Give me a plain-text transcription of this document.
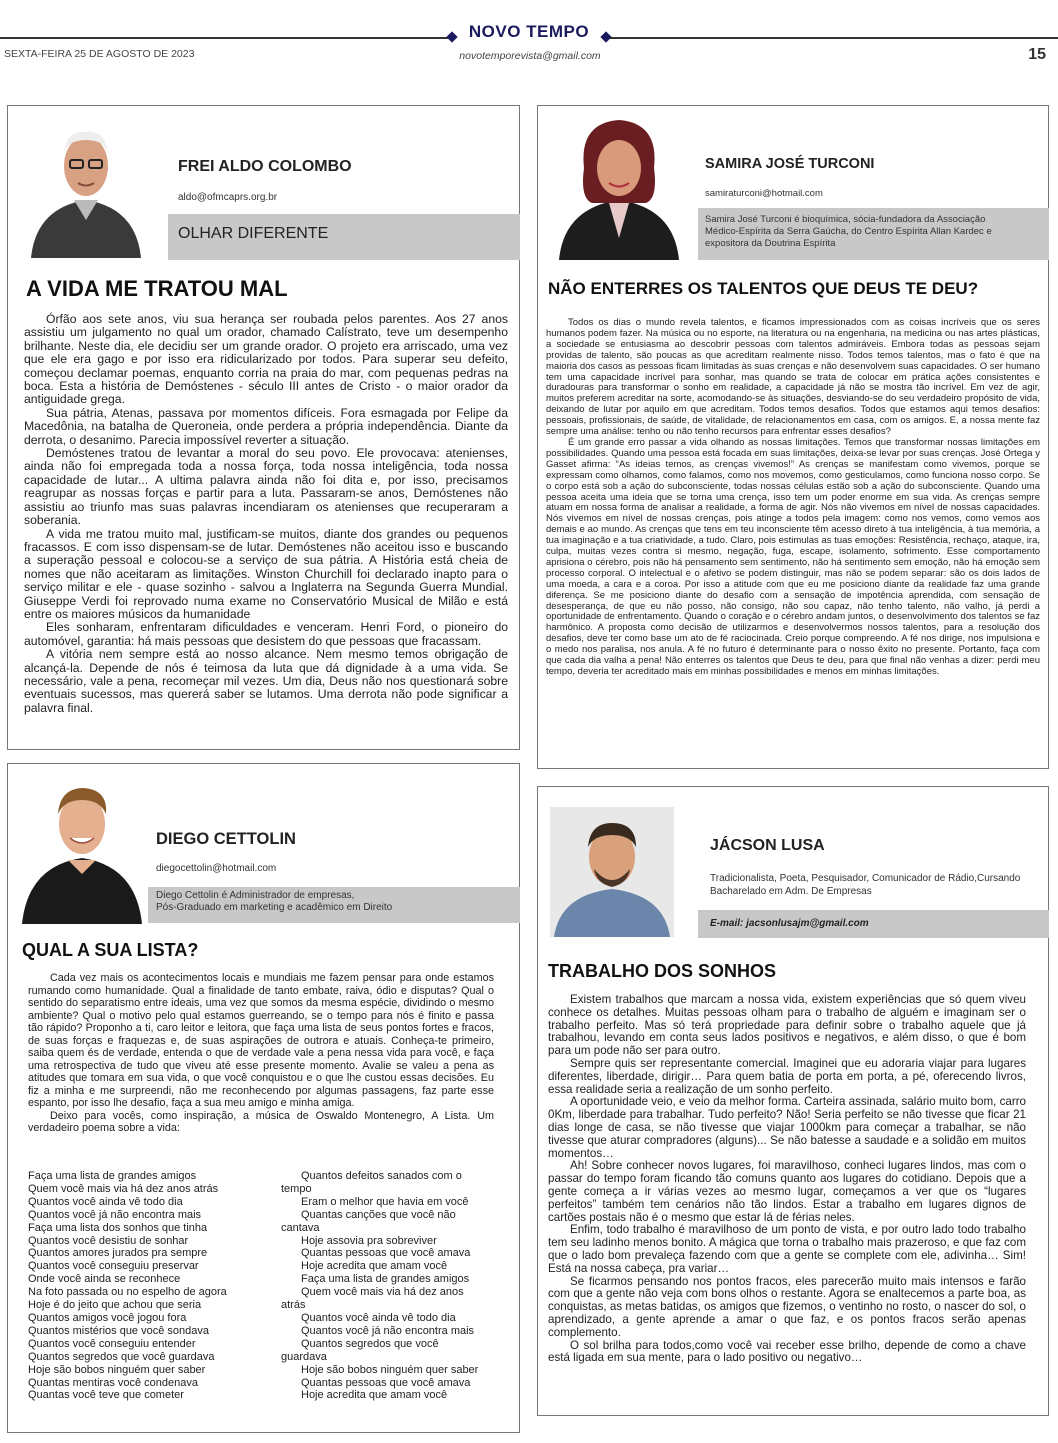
NOVO TEMPO
SEXTA-FEIRA 25 DE AGOSTO DE 2023	novotemporevista@gmail.com	15
FREI ALDO COLOMBO
aldo@ofmcaprs.org.br
OLHAR DIFERENTE
A VIDA ME TRATOU MAL

Órfão aos sete anos, viu sua herança ser roubada pelos parentes. Aos 27 anos assistiu um julgamento no qual um orador, chamado Calístrato, teve um desempenho brilhante. Neste dia, ele decidiu ser um grande orador. O projeto era arriscado, uma vez que ele era gago e por isso era ridicularizado por todos. Para superar seu defeito, começou declamar poemas, enquanto corria na praia do mar, com pequenas pedras na boca. Esta a história de Demóstenes - século III antes de Cristo - o maior orador da antiguidade grega.

Sua pátria, Atenas, passava por momentos difíceis. Fora esmagada por Felipe da Macedônia, na batalha de Queroneia, onde perdera a própria independência. Diante da derrota, o desanimo. Parecia impossível reverter a situação.

Demóstenes tratou de levantar a moral do seu povo. Ele provocava: atenienses, ainda não foi empregada toda a nossa força, toda nossa inteligência, toda nossa capacidade de lutar... A ultima palavra ainda não foi dita e, por isso, precisamos reagrupar as nossas forças e partir para a luta. Passaram-se anos, Demóstenes não assistiu ao triunfo mas suas palavras incendiaram os atenienses que recuperaram a soberania.

A vida me tratou muito mal, justificam-se muitos, diante dos grandes ou pequenos fracassos. E com isso dispensam-se de lutar. Demóstenes não aceitou isso e buscando a superação pessoal e colocou-se a serviço de sua pátria. A História está cheia de nomes que não aceitaram as limitações. Winston Churchill foi declarado inapto para o serviço militar e ele - quase sozinho - salvou a Inglaterra na Segunda Guerra Mundial. Giuseppe Verdi foi reprovado numa exame no Conservatório Musical de Milão e está entre os maiores músicos da humanidade

Eles sonharam, enfrentaram dificuldades e venceram. Henri Ford, o pioneiro do automóvel, garantia: há mais pessoas que desistem do que pessoas que fracassam.

A vitória nem sempre está ao nosso alcance. Nem mesmo temos obrigação de alcançá-la. Depende de nós é teimosa da luta que dá dignidade à a uma vida. Se necessário, vale a pena, recomeçar mil vezes. Um dia, Deus não nos questionará sobre eventuais sucessos, mas quererá saber se lutamos. Uma derrota não pode significar a palavra final.

SAMIRA JOSÉ TURCONI
samiraturconi@hotmail.com
Samira José Turconi é bioquímica, sócia-fundadora da Associação Médico-Espírita da Serra Gaúcha, do Centro Espírita Allan Kardec e expositora da Doutrina Espírita
NÃO ENTERRES OS TALENTOS QUE DEUS TE DEU?

Todos os dias o mundo revela talentos, e ficamos impressionados com as coisas incríveis que os seres humanos podem fazer. Na música ou no esporte, na literatura ou na engenharia, na medicina ou nas artes plásticas, a sociedade se entusiasma ao descobrir pessoas com talentos admiráveis. Embora todas as pessoas sejam providas de talento, são poucas as que acreditam realmente nisso. Todos temos talentos, mas o fato é que na maioria dos casos as pessoas ficam limitadas às suas crenças e não desenvolvem suas capacidades. O ser humano tem uma capacidade incrível para sonhar, mas quando se trata de colocar em prática ações consistentes e duradouras para transformar o sonho em realidade, a capacidade já não se mostra tão incrível. Em vez de agir, muitos preferem acreditar na sorte, acomodando-se às situações, desviando-se do seu verdadeiro propósito de vida, deixando de lutar por aquilo em que acreditam. Todos temos desafios. Todos que estamos aqui temos desafios: pessoais, profissionais, de saúde, de vitalidade, de relacionamentos em casa, com os amigos. E, a nossa mente faz sempre uma análise: tenho ou não tenho recursos para enfrentar esses desafios?

É um grande erro passar a vida olhando as nossas limitações. Temos que transformar nossas limitações em possibilidades. Quando uma pessoa está focada em suas limitações, deixa-se levar por suas crenças. José Ortega y Gasset afirma: “As ideias temos, as crenças vivemos!” As crenças se manifestam como vivemos, porque se expressam como olhamos, como falamos, como nos movemos, como gesticulamos, como funciona nosso corpo. Se o corpo está sob a ação do subconsciente, todas nossas células estão sob a ação do subconsciente. Quando uma pessoa aceita uma ideia que se torna uma crença, isso tem um poder enorme em sua vida. As crenças sempre atuam em nossa forma de analisar a realidade, a forma de agir. Nós não vivemos em nível de nossas capacidades. Nós vivemos em nível de nossas crenças, pois atinge a todos pela imagem: como nos vemos, como vemos aos demais e ao mundo. As crenças que tens em teu inconsciente têm acesso direto à tua inteligência, à tua memória, a tua imaginação e a tua criatividade, a tudo. Claro, pois estimulas as tuas emoções: Resistência, rechaço, ataque, ira, culpa, muitas vezes contra si mesmo, negação, fuga, escape, isolamento, sofrimento. Esse comportamento aprisiona o cérebro, pois não há pensamento sem sentimento, não há sentimento sem emoção, não há emoção sem processo corporal. O intelectual e o afetivo se podem distinguir, mas não se podem separar: são os dois lados de uma moeda, a cara e a coroa. Por isso a atitude com que eu me posiciono diante da realidade faz uma grande diferença. Se me posiciono diante do desafio com a sensação de impotência aprendida, com sensação de desesperança, de que eu não posso, não consigo, não sou capaz, não tenho talento, não valho, já perdi a oportunidade de enfrentamento. Quando o coração e o cérebro andam juntos, o desenvolvimento dos talentos se faz harmônico. A proposta como decisão de utilizarmos e desenvolvermos nossos talentos, para a resolução dos desafios, deve ter como base um ato de fé raciocinada. Creio porque compreendo. A fé nos dirige, nos impulsiona e o medo nos paralisa, nos anula. A fé no futuro é determinante para o nosso êxito no presente. Portanto, faça com que cada dia valha a pena! Não enterres os talentos que Deus te deu, para que final não venhas a dizer: perdi meu tempo, deveria ter acreditado mais em minhas possibilidades e menos em minhas limitações.

DIEGO CETTOLIN
diegocettolin@hotmail.com
Diego Cettolin é Administrador de empresas,
Pós-Graduado em marketing e acadêmico em Direito
QUAL A SUA LISTA?

Cada vez mais os acontecimentos locais e mundiais me fazem pensar para onde estamos rumando como humanidade. Qual a finalidade de tanto embate, raiva, ódio e disputas? Qual o sentido do separatismo entre ideais, uma vez que somos da mesma espécie, dividindo o mesmo ambiente? Qual o motivo pelo qual estamos guerreando, se o tempo para nós é finito e passa tão rápido? Proponho a ti, caro leitor e leitora, que faça uma lista de seus pontos fortes e fracos, de suas forças e fraquezas e, de suas aspirações de outrora e atuais. Conheça-te primeiro, saiba quem és de verdade, entenda o que de verdade vale a pena nessa vida para você, e faça uma retrospectiva de tudo que viveu até esse presente momento. Avalie se valeu a pena as atitudes que tomara em sua vida, o que você conquistou e o que lhe custou essas decisões. Eu fiz a minha e me surpreendi, não me reconhecendo por algumas passagens, faz parte esse espanto, por isso lhe desafio, faça a sua meu amigo e minha amiga.

Deixo para vocês, como inspiração, a música de Oswaldo Montenegro, A Lista. Um verdadeiro poema sobre a vida:

Faça uma lista de grandes amigos
Quem você mais via há dez anos atrás
Quantos você ainda vê todo dia
Quantos você já não encontra mais
Faça uma lista dos sonhos que tinha
Quantos você desistiu de sonhar
Quantos amores jurados pra sempre
Quantos você conseguiu preservar
Onde você ainda se reconhece
Na foto passada ou no espelho de agora
Hoje é do jeito que achou que seria
Quantos amigos você jogou fora
Quantos mistérios que você sondava
Quantos você conseguiu entender
Quantos segredos que você guardava
Hoje são bobos ninguém quer saber
Quantas mentiras você condenava
Quantas você teve que cometer
Quantos defeitos sanados com o
tempo
Eram o melhor que havia em você
Quantas canções que você não
cantava
Hoje assovia pra sobreviver
Quantas pessoas que você amava
Hoje acredita que amam você
Faça uma lista de grandes amigos
Quem você mais via há dez anos
atrás
Quantos você ainda vê todo dia
Quantos você já não encontra mais
Quantos segredos que você
guardava
Hoje são bobos ninguém quer saber
Quantas pessoas que você amava
Hoje acredita que amam você
JÁCSON LUSA
Tradicionalista, Poeta, Pesquisador, Comunicador de Rádio,Cursando
Bacharelado em Adm. De Empresas
E-mail: jacsonlusajm@gmail.com
TRABALHO DOS SONHOS

Existem trabalhos que marcam a nossa vida, existem experiências que só quem viveu conhece os detalhes. Muitas pessoas olham para o trabalho de alguém e imaginam ser o trabalho perfeito. Mas só terá propriedade para definir sobre o trabalho aquele que já trabalhou, levando em conta seus lados positivos e negativos, e além disso, o que é bom para um pode não ser para outro.

Sempre quis ser representante comercial. Imaginei que eu adoraria viajar para lugares diferentes, liberdade, dirigir… Para quem batia de porta em porta, a pé, oferecendo livros, essa realidade seria a realização de um sonho perfeito.

A oportunidade veio, e veio da melhor forma. Carteira assinada, salário muito bom, carro 0Km, liberdade para trabalhar. Tudo perfeito? Não! Seria perfeito se não tivesse que ficar 21 dias longe de casa, se não tivesse que viajar 1000km para começar a trabalhar, se não tivesse que aturar compradores (alguns)... Se não batesse a saudade e a solidão em muitos momentos…

Ah! Sobre conhecer novos lugares, foi maravilhoso, conheci lugares lindos, mas com o passar do tempo foram ficando tão comuns quanto aos lugares do cotidiano. Depois que a gente começa a ir várias vezes ao mesmo lugar, começamos a ver que os “lugares perfeitos” também tem cenários não tão lindos. Estar a trabalho em lugares dignos de cartões postais não é o mesmo que estar lá de férias neles.

Enfim, todo trabalho é maravilhoso de um ponto de vista, e por outro lado todo trabalho tem seu ladinho menos bonito. A mágica que torna o trabalho mais prazeroso, e que faz com que o lado bom prevaleça fazendo com que a gente se complete com ele, adivinha… Sim! Está na nossa cabeça, pra variar…

Se ficarmos pensando nos pontos fracos, eles parecerão muito mais intensos e farão com que a gente não veja com bons olhos o restante. Agora se enaltecemos a parte boa, as conquistas, as metas batidas, os amigos que fizemos, o ventinho no rosto, o nascer do sol, o aprendizado, a gente aprende a amar o que faz, e os pontos fracos serão apenas complemento.

O sol brilha para todos,como você vai receber esse brilho, depende de como a chave está ligada em sua mente, para o lado positivo ou negativo…
